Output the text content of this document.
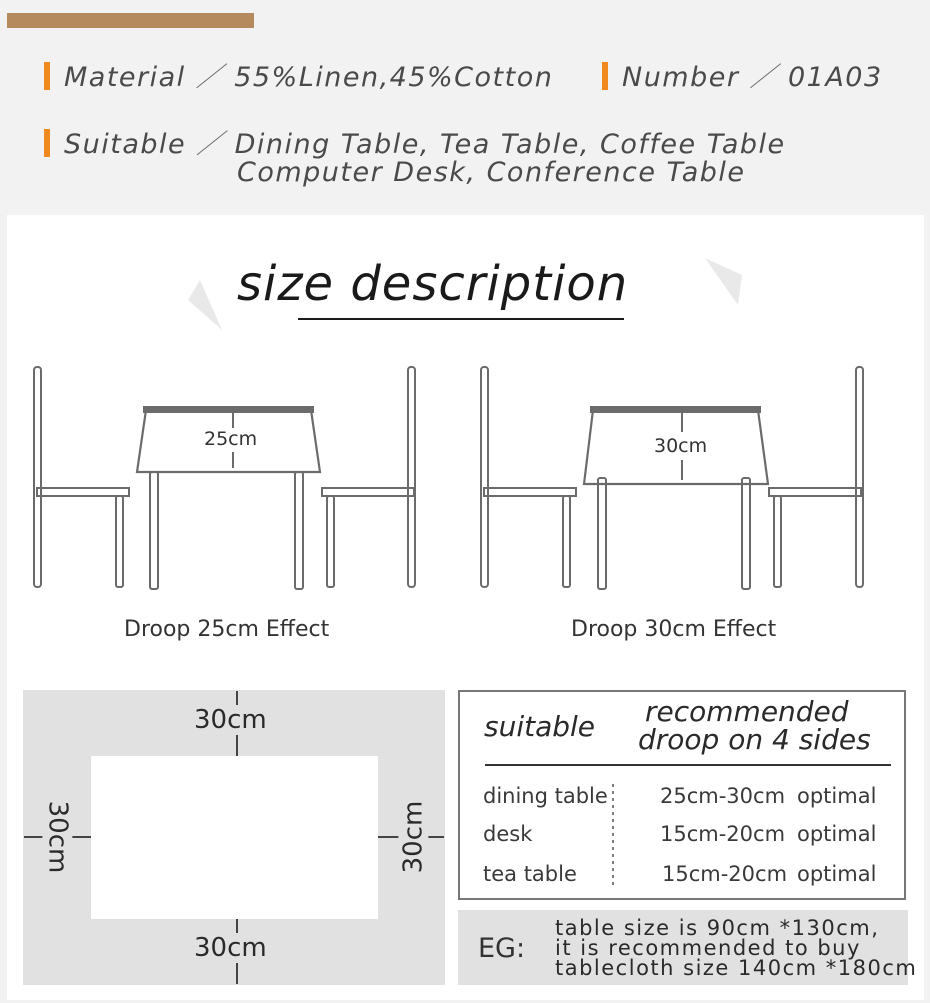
Material ／ 55%Linen,45%Cotton	Number ／ 01A03
Suitable ／ Dining Table, Tea Table, Coffee Table
Computer Desk, Conference Table
size description
25cm	30cm
Droop 25cm Effect	Droop 30cm Effect
30cm
30cm
30cm	30cm
suitable recommended
droop on 4 sides
dining table 25cm-30cm optimal
desk	15cm-20cm optimal
tea table	15cm-20cm optimal
EG:
table size is 90cm *130cm,
it is recommended to buy
tablecloth size 140cm *180cm
